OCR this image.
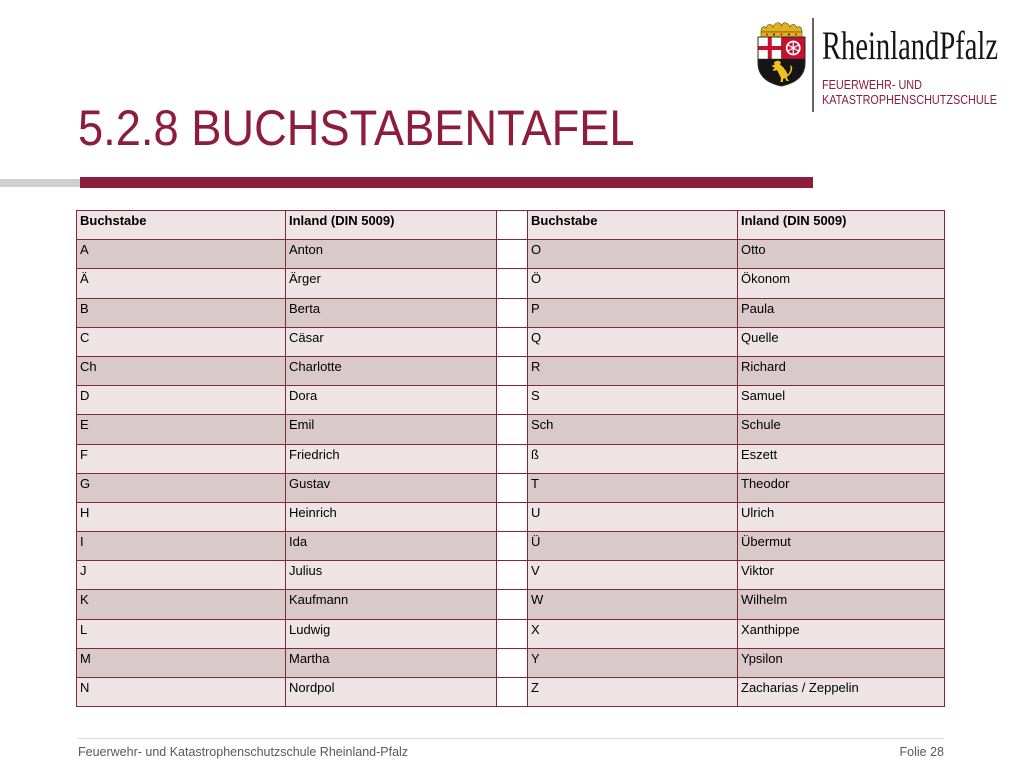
RheinlandPfalz
FEUERWEHR- UND
KATASTROPHENSCHUTZSCHULE
5.2.8 BUCHSTABENTAFEL
Buchstabe	Inland (DIN 5009)		Buchstabe	Inland (DIN 5009)
A	Anton		O	Otto
Ä	Ärger		Ö	Ökonom
B	Berta		P	Paula
C	Cäsar		Q	Quelle
Ch	Charlotte		R	Richard
D	Dora		S	Samuel
E	Emil		Sch	Schule
F	Friedrich		ß	Eszett
G	Gustav		T	Theodor
H	Heinrich		U	Ulrich
I	Ida		Ü	Übermut
J	Julius		V	Viktor
K	Kaufmann		W	Wilhelm
L	Ludwig		X	Xanthippe
M	Martha		Y	Ypsilon
N	Nordpol		Z	Zacharias / Zeppelin
Feuerwehr- und Katastrophenschutzschule Rheinland-Pfalz	Folie 28
